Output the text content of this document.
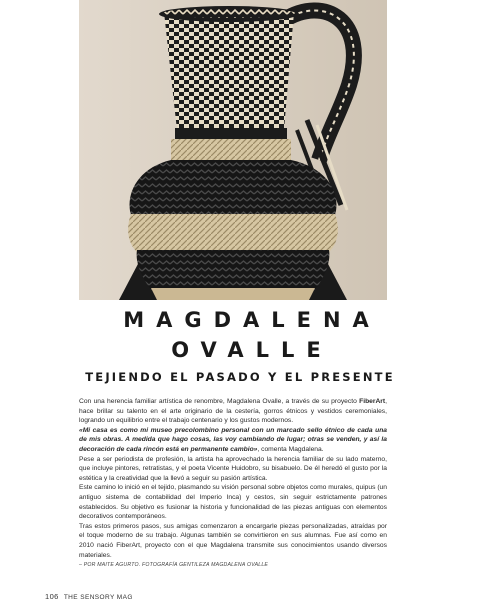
MAGDALENA
OVALLE
TEJIENDO EL PASADO Y EL PRESENTE

Con una herencia familiar artística de renombre, Magdalena Ovalle, a través de su proyecto FiberArt, hace brillar su talento en el arte originario de la cestería, gorros étnicos y vestidos ceremoniales, logrando un equilibrio entre el trabajo centenario y los gustos modernos.

«Mi casa es como mi museo precolombino personal con un marcado sello étnico de cada una de mis obras. A medida que hago cosas, las voy cambiando de lugar; otras se venden, y así la decoración de cada rincón está en permanente cambio», comenta Magdalena.

Pese a ser periodista de profesión, la artista ha aprovechado la herencia familiar de su lado materno, que incluye pintores, retratistas, y el poeta Vicente Huidobro, su bisabuelo. De él heredó el gusto por la estética y la creatividad que la llevó a seguir su pasión artística.

Este camino lo inició en el tejido, plasmando su visión personal sobre objetos como murales, quipus (un antiguo sistema de contabilidad del Imperio Inca) y cestos, sin seguir estrictamente patrones establecidos. Su objetivo es fusionar la historia y funcionalidad de las piezas antiguas con elementos decorativos contemporáneos.

Tras estos primeros pasos, sus amigas comenzaron a encargarle piezas personalizadas, atraídas por el toque moderno de su trabajo. Algunas también se convirtieron en sus alumnas. Fue así como en 2010 nació FiberArt, proyecto con el que Magdalena transmite sus conocimientos usando diversos materiales.

– POR MAITE AGURTO. FOTOGRAFÍA GENTILEZA MAGDALENA OVALLE

106 THE SENSORY MAG
